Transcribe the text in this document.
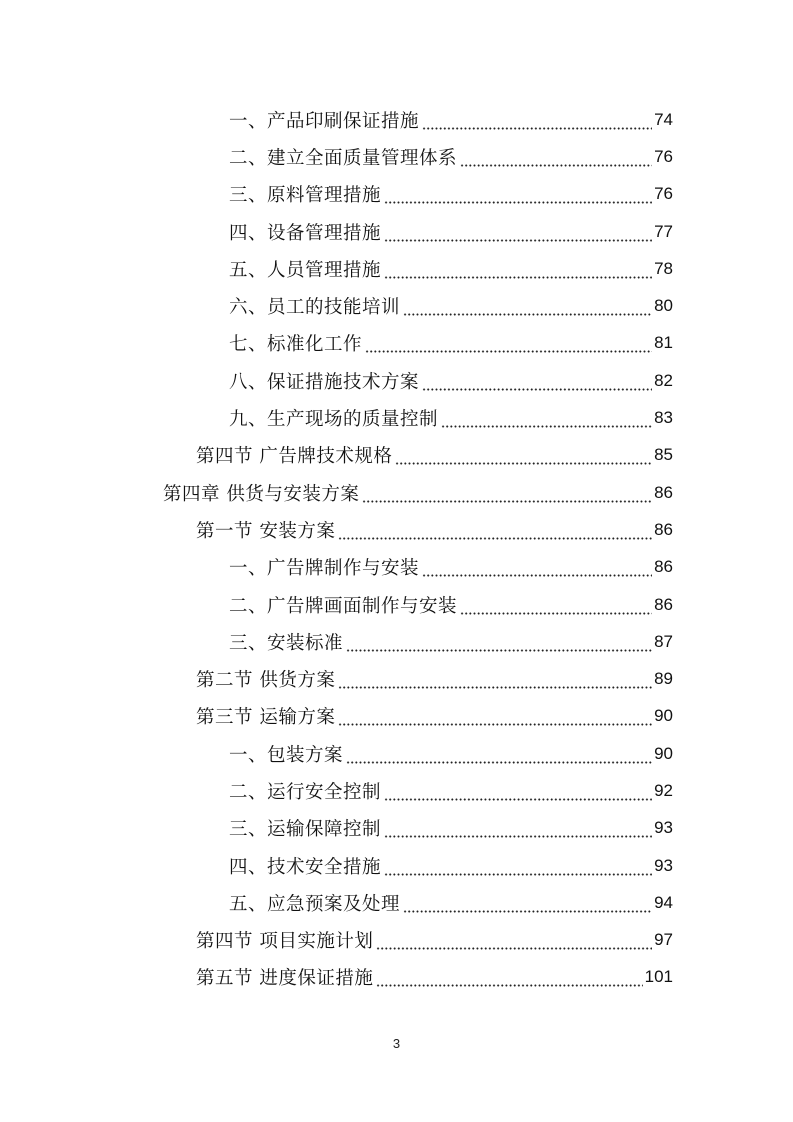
一、产品印刷保证措施	74
二、建立全面质量管理体系	76
三、原料管理措施	76
四、设备管理措施	77
五、人员管理措施	78
六、员工的技能培训	80
七、标准化工作	81
八、保证措施技术方案	82
九、生产现场的质量控制	83
第四节 广告牌技术规格	85
第四章 供货与安装方案	86
第一节 安装方案	86
一、广告牌制作与安装	86
二、广告牌画面制作与安装	86
三、安装标准	87
第二节 供货方案	89
第三节 运输方案	90
一、包装方案	90
二、运行安全控制	92
三、运输保障控制	93
四、技术安全措施	93
五、应急预案及处理	94
第四节 项目实施计划	97
第五节 进度保证措施	101
3
